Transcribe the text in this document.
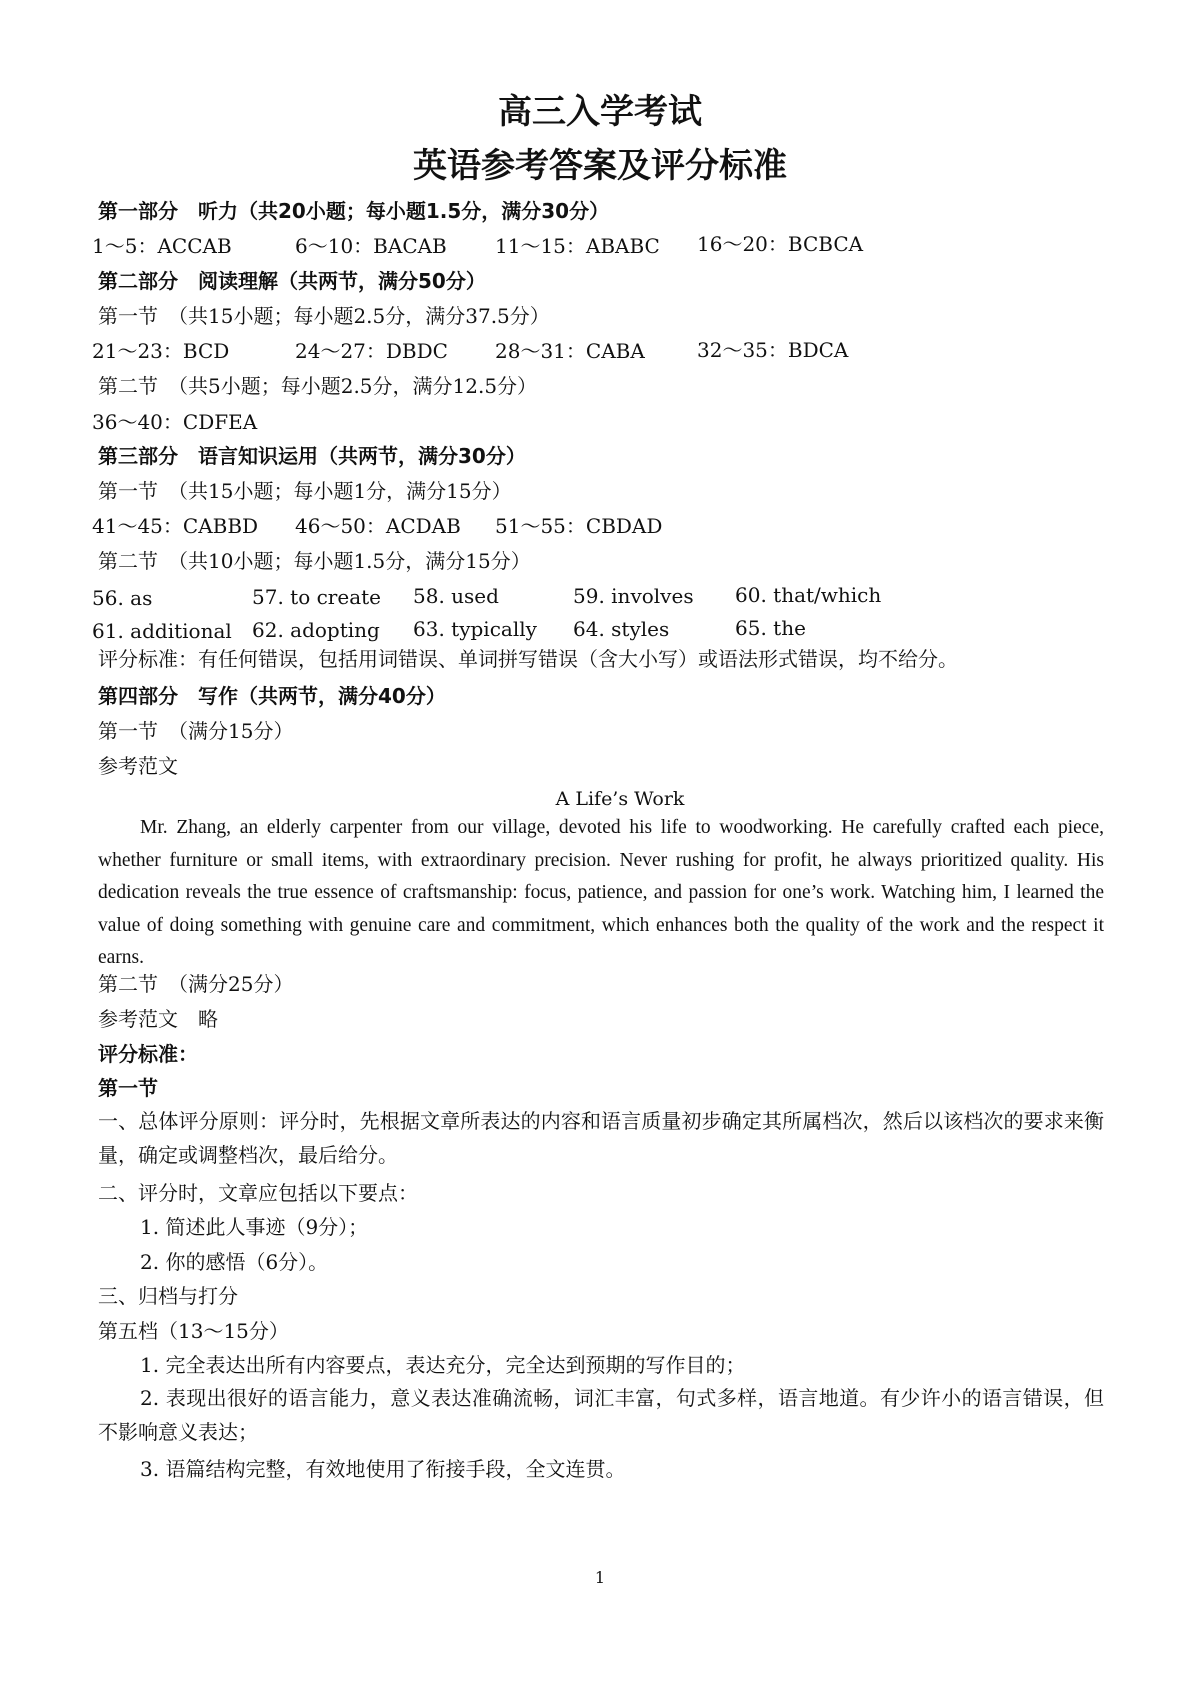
高三入学考试
英语参考答案及评分标准
第一部分　听力（共20小题；每小题1.5分，满分30分）
1～5：ACCAB	6～10：BACAB 11～15：ABABC 16～20：BCBCA
第二部分　阅读理解（共两节，满分50分）
第一节　（共15小题；每小题2.5分，满分37.5分）
21～23：BCD	24～27：DBDC 28～31：CABA	32～35：BDCA
第二节　（共5小题；每小题2.5分，满分12.5分）
36～40：CDFEA
第三部分　语言知识运用（共两节，满分30分）
第一节　（共15小题；每小题1分，满分15分）
41～45：CABBD 46～50：ACDAB 51～55：CBDAD
第二节　（共10小题；每小题1.5分，满分15分）
56. as	57. to create 58. used	59. involves 60. that/which
61. additional 62. adopting 63. typically 64. styles	65. the
评分标准：有任何错误，包括用词错误、单词拼写错误（含大小写）或语法形式错误，均不给分。
第四部分　写作（共两节，满分40分）
第一节　（满分15分）
参考范文
A Life’s Work
Mr. Zhang, an elderly carpenter from our village, devoted his life to woodworking. He carefully crafted each piece, whether furniture or small items, with extraordinary precision. Never rushing for profit, he always prioritized quality. His dedication reveals the true essence of craftsmanship: focus, patience, and passion for one’s work. Watching him, I learned the value of doing something with genuine care and commitment, which enhances both the quality of the work and the respect it earns.
第二节　（满分25分）
参考范文　略
评分标准：
第一节
一、总体评分原则：评分时，先根据文章所表达的内容和语言质量初步确定其所属档次，然后以该档次的要求来衡量，确定或调整档次，最后给分。
二、评分时，文章应包括以下要点：
1. 简述此人事迹（9分）；
2. 你的感悟（6分）。
三、归档与打分
第五档（13～15分）
1. 完全表达出所有内容要点，表达充分，完全达到预期的写作目的；
2. 表现出很好的语言能力，意义表达准确流畅，词汇丰富，句式多样，语言地道。有少许小的语言错误，但不影响意义表达；
3. 语篇结构完整，有效地使用了衔接手段，全文连贯。
1
